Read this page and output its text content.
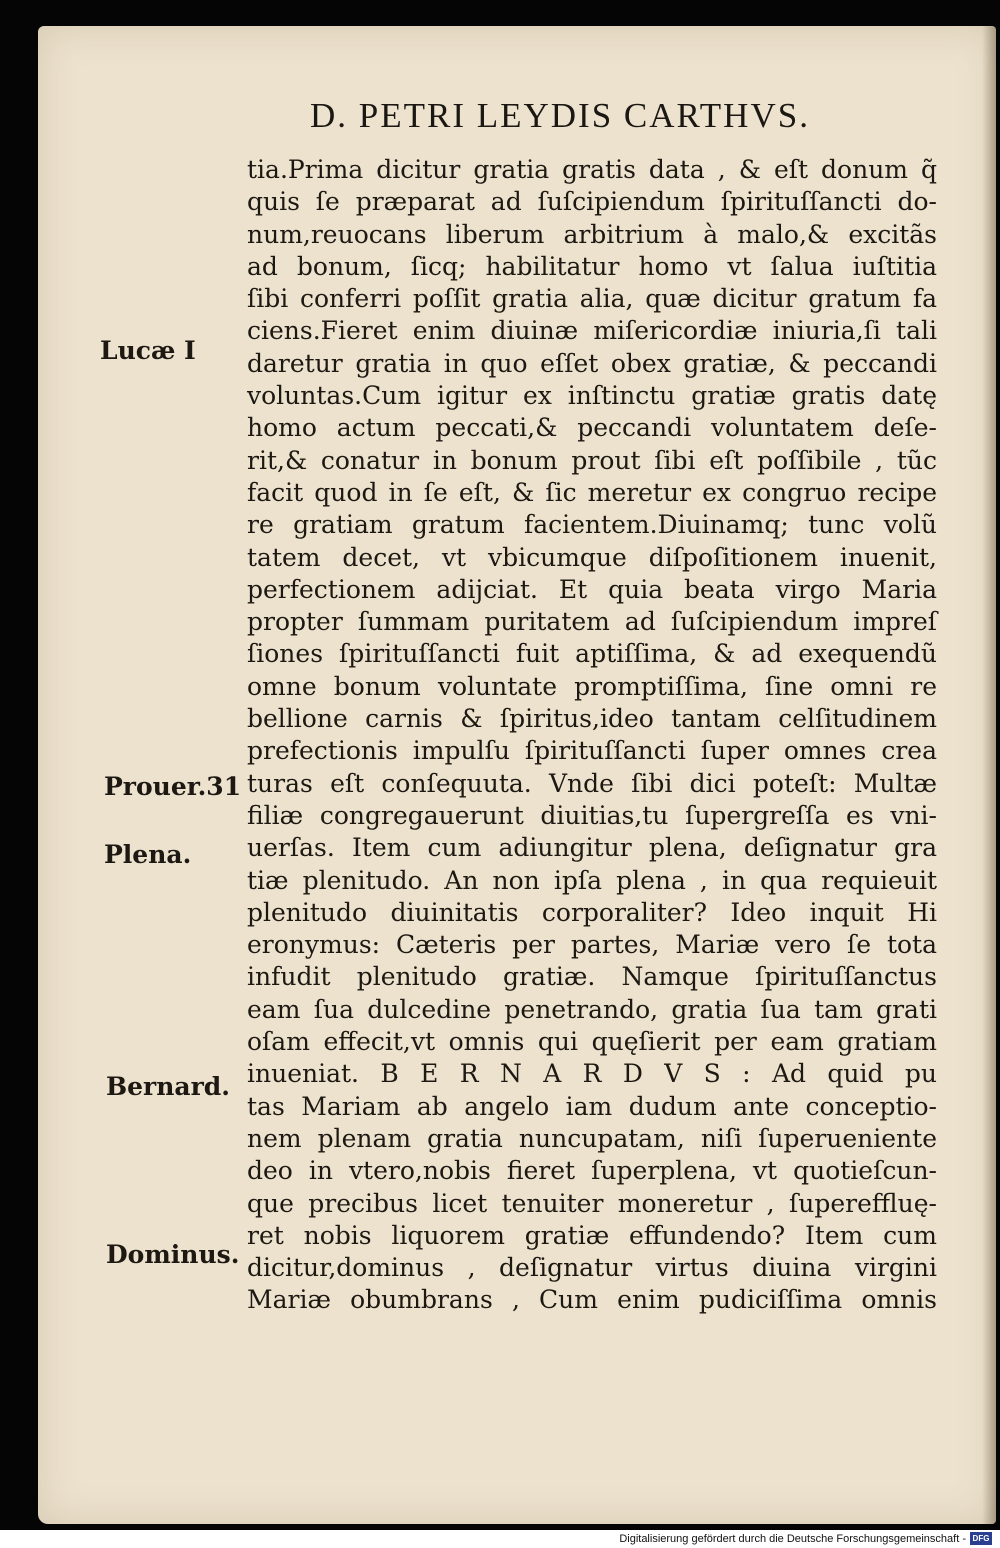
D. PETRI LEYDIS CARTHVS.
tia.Prima dicitur gratia gratis data , & eſt donum q̃
quis ſe præparat ad ſuſcipiendum ſpirituſſancti do-
num,reuocans liberum arbitrium à malo,& excitãs
ad bonum, ſicq; habilitatur homo vt ſalua iuſtitia
ſibi conferri poſſit gratia alia, quæ dicitur gratum fa
ciens.Fieret enim diuinæ miſericordiæ iniuria,ſi tali
daretur gratia in quo eſſet obex gratiæ, & peccandi
voluntas.Cum igitur ex inſtinctu gratiæ gratis datę
homo actum peccati,& peccandi voluntatem deſe-
rit,& conatur in bonum prout ſibi eſt poſſibile , tũc
facit quod in ſe eſt, & ſic meretur ex congruo recipe
re gratiam gratum facientem.Diuinamq; tunc volũ
tatem decet, vt vbicumque diſpoſitionem inuenit,
perfectionem adijciat. Et quia beata virgo Maria
propter ſummam puritatem ad ſuſcipiendum impreſ
ſiones ſpirituſſancti fuit aptiſſima, & ad exequendũ
omne bonum voluntate promptiſſima, ſine omni re
bellione carnis & ſpiritus,ideo tantam celſitudinem
prefectionis impulſu ſpirituſſancti ſuper omnes crea
turas eſt conſequuta. Vnde ſibi dici poteſt: Multæ
filiæ congregauerunt diuitias,tu ſupergreſſa es vni-
uerſas. Item cum adiungitur plena, deſignatur gra
tiæ plenitudo. An non ipſa plena , in qua requieuit
plenitudo diuinitatis corporaliter? Ideo inquit Hi
eronymus: Cæteris per partes, Mariæ vero ſe tota
infudit plenitudo gratiæ. Namque ſpirituſſanctus
eam ſua dulcedine penetrando, gratia ſua tam grati
oſam effecit,vt omnis qui quęſierit per eam gratiam
inueniat. B E R N A R D V S : Ad quid pu
tas Mariam ab angelo iam dudum ante conceptio-
nem plenam gratia nuncupatam, niſi ſuperueniente
deo in vtero,nobis fieret ſuperplena, vt quotieſcun-
que precibus licet tenuiter moneretur , ſupereffluę-
ret nobis liquorem gratiæ effundendo? Item cum
dicitur,dominus , deſignatur virtus diuina virgini
Mariæ obumbrans , Cum enim pudiciſſima omnis
Lucæ I
Prouer.31
Plena.
Bernard.
Dominus.
Digitalisierung gefördert durch die Deutsche Forschungsgemeinschaft - DFG
